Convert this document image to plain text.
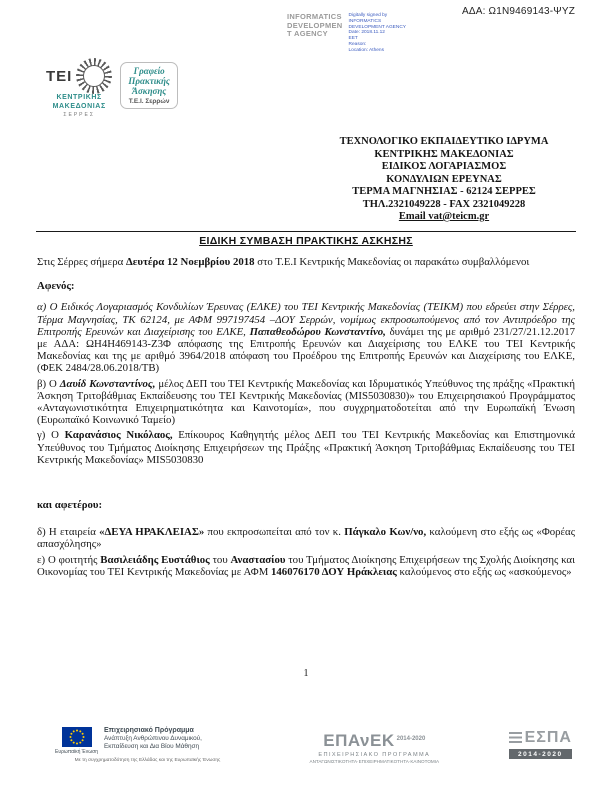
ΑΔΑ: Ω1Ν9469143-ΨΥΖ
INFORMATICS
DEVELOPMEN
T AGENCY
Digitally signed by
INFORMATICS
DEVELOPMENT AGENCY
Date: 2018.11.12
EET
Reason:
Location: Athens
ΤΕΙ
ΚΕΝΤΡΙΚΗΣ
ΜΑΚΕΔΟΝΙΑΣ
ΣΕΡΡΕΣ
Γραφείο
Πρακτικής
Άσκησης
Τ.Ε.Ι. Σερρών
ΤΕΧΝΟΛΟΓΙΚΟ ΕΚΠΑΙΔΕΥΤΙΚΟ ΙΔΡΥΜΑ
ΚΕΝΤΡΙΚΗΣ ΜΑΚΕΔΟΝΙΑΣ
ΕΙΔΙΚΟΣ ΛΟΓΑΡΙΑΣΜΟΣ
ΚΟΝΔΥΛΙΩΝ ΕΡΕΥΝΑΣ
ΤΕΡΜΑ ΜΑΓΝΗΣΙΑΣ - 62124 ΣΕΡΡΕΣ
ΤΗΛ.2321049228 - FAX 2321049228
Email vat@teicm.gr
ΕΙΔΙΚΗ ΣΥΜΒΑΣΗ ΠΡΑΚΤΙΚΗΣ ΑΣΚΗΣΗΣ

Στις Σέρρες σήμερα Δευτέρα 12 Νοεμβρίου 2018 στο Τ.Ε.Ι Κεντρικής Μακεδονίας οι παρακάτω συμβαλλόμενοι

Αφενός:

α) Ο Ειδικός Λογαριασμός Κονδυλίων Έρευνας (ΕΛΚΕ) του ΤΕΙ Κεντρικής Μακεδονίας (ΤΕΙΚΜ) που εδρεύει στην Σέρρες, Τέρμα Μαγνησίας, ΤΚ 62124, με ΑΦΜ 997197454 –ΔΟΥ Σερρών, νομίμως εκπροσωπούμενος από τον Αντιπρόεδρο της Επιτροπής Ερευνών και Διαχείρισης του ΕΛΚΕ, Παπαθεοδώρου Κωνσταντίνο, δυνάμει της με αριθμό 231/27/21.12.2017 με ΑΔΑ: ΩΗ4Η469143-Ζ3Φ απόφασης της Επιτροπής Ερευνών και Διαχείρισης του ΕΛΚΕ του ΤΕΙ Κεντρικής Μακεδονίας και της με αριθμό 3964/2018 απόφαση του Προέδρου της Επιτροπής Ερευνών και Διαχείρισης του ΕΛΚΕ,(ΦΕΚ 2484/28.06.2018/ΤΒ)

β) Ο Δαυίδ Κωνσταντίνος, μέλος ΔΕΠ του ΤΕΙ Κεντρικής Μακεδονίας και Ιδρυματικός Υπεύθυνος της πράξης «Πρακτική Άσκηση Τριτοβάθμιας Εκπαίδευσης του ΤΕΙ Κεντρικής Μακεδονίας (MIS5030830)» του Επιχειρησιακού Προγράμματος «Ανταγωνιστικότητα Επιχειρηματικότητα και Καινοτομία», που συγχρηματοδοτείται από την Ευρωπαϊκή Ένωση (Ευρωπαϊκό Κοινωνικό Ταμείο)

γ) Ο Καρανάσιος Νικόλαος, Επίκουρος Καθηγητής μέλος ΔΕΠ του ΤΕΙ Κεντρικής Μακεδονίας και Επιστημονικά Υπεύθυνος του Τμήματος Διοίκησης Επιχειρήσεων της Πράξης «Πρακτική Άσκηση Τριτοβάθμιας Εκπαίδευσης του ΤΕΙ Κεντρικής Μακεδονίας» MIS5030830

και αφετέρου:

δ) Η εταιρεία «ΔΕΥΑ ΗΡΑΚΛΕΙΑΣ» που εκπροσωπείται από τον κ. Πάγκαλο Κων/νο, καλούμενη στο εξής ως «Φορέας απασχόλησης»

ε) Ο φοιτητής Βασιλειάδης Ευστάθιος του Αναστασίου του Τμήματος Διοίκησης Επιχειρήσεων της Σχολής Διοίκησης και Οικονομίας του ΤΕΙ Κεντρικής Μακεδονίας με ΑΦΜ 146076170 ΔΟΥ Ηράκλειας καλούμενος στο εξής ως «ασκούμενος»

1
Ευρωπαϊκή Ένωση
Επιχειρησιακό Πρόγραμμα
Ανάπτυξη Ανθρώπινου Δυναμικού,
Εκπαίδευση και Δια Βίου Μάθηση
Με τη συγχρηματοδότηση της Ελλάδας και της Ευρωπαϊκής Ένωσης
ΕΠΑνΕΚ $^{2014-2020}$
ΕΠΙΧΕΙΡΗΣΙΑΚΟ ΠΡΟΓΡΑΜΜΑ
ΑΝΤΑΓΩΝΙΣΤΙΚΟΤΗΤΑ·ΕΠΙΧΕΙΡΗΜΑΤΙΚΟΤΗΤΑ·ΚΑΙΝΟΤΟΜΙΑ
ΕΣΠΑ
2014-2020
